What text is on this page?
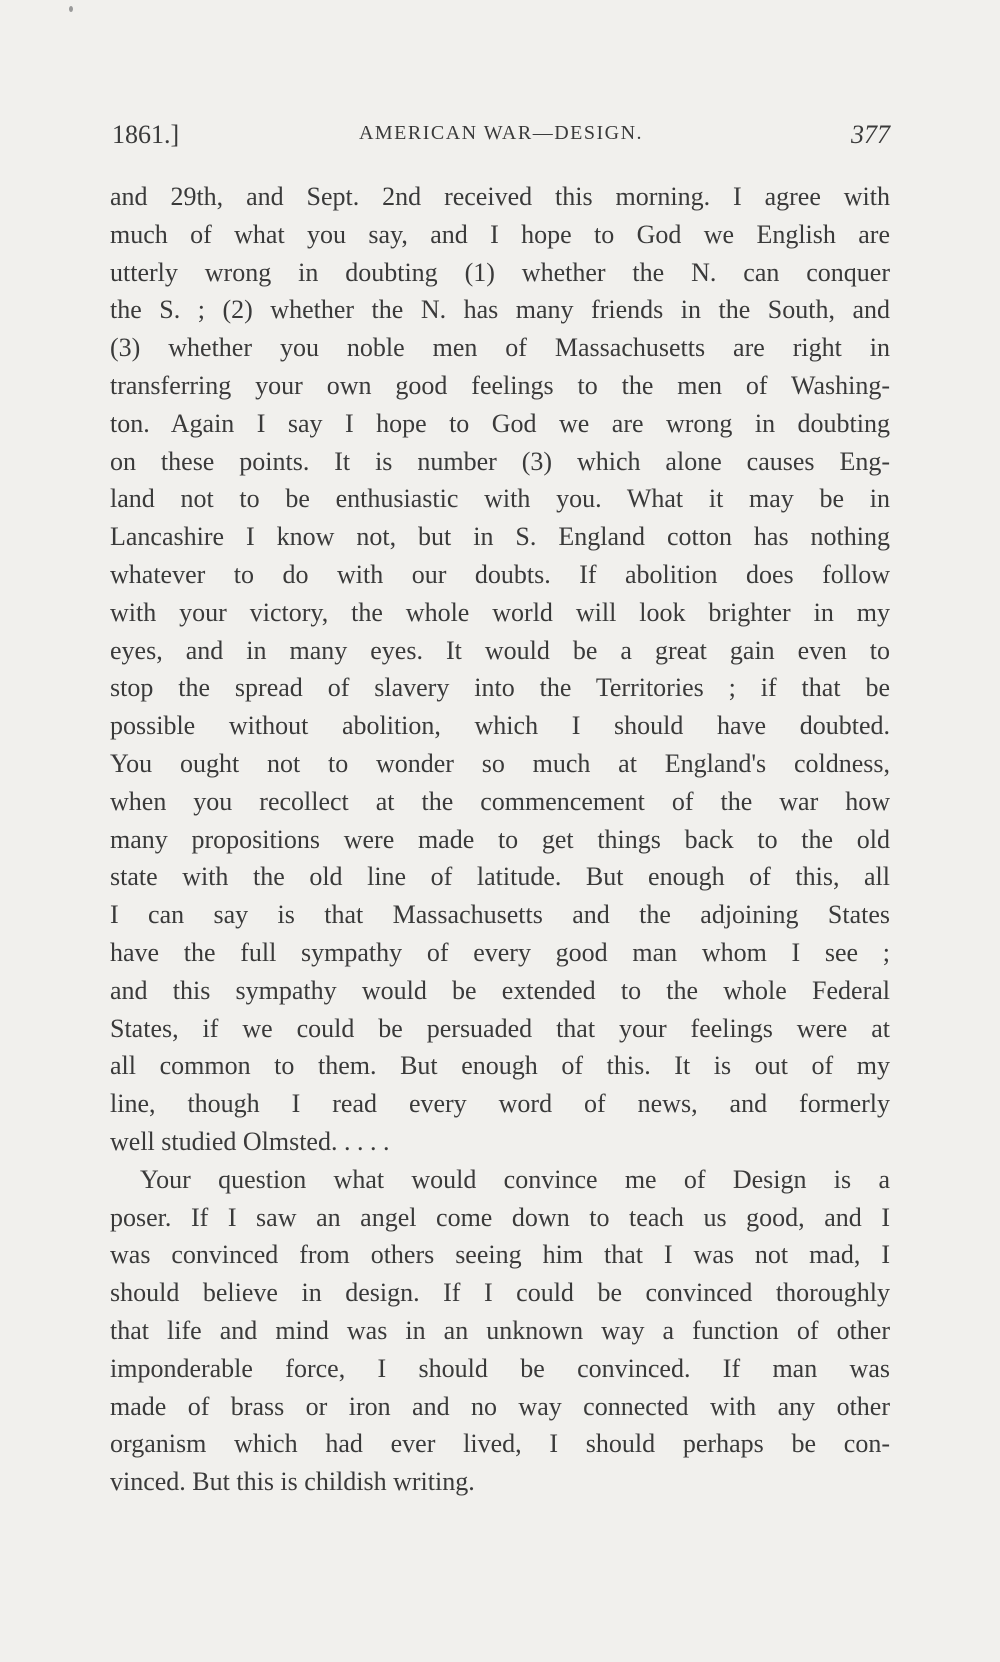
1861.]	AMERICAN WAR—DESIGN.	377
and 29th, and Sept. 2nd received this morning. I agree with
much of what you say, and I hope to God we English are
utterly wrong in doubting (1) whether the N. can conquer
the S. ; (2) whether the N. has many friends in the South, and
(3) whether you noble men of Massachusetts are right in
transferring your own good feelings to the men of Washing-
ton. Again I say I hope to God we are wrong in doubting
on these points. It is number (3) which alone causes Eng-
land not to be enthusiastic with you. What it may be in
Lancashire I know not, but in S. England cotton has nothing
whatever to do with our doubts. If abolition does follow
with your victory, the whole world will look brighter in my
eyes, and in many eyes. It would be a great gain even to
stop the spread of slavery into the Territories ; if that be
possible without abolition, which I should have doubted.
You ought not to wonder so much at England's coldness,
when you recollect at the commencement of the war how
many propositions were made to get things back to the old
state with the old line of latitude. But enough of this, all
I can say is that Massachusetts and the adjoining States
have the full sympathy of every good man whom I see ;
and this sympathy would be extended to the whole Federal
States, if we could be persuaded that your feelings were at
all common to them. But enough of this. It is out of my
line, though I read every word of news, and formerly
well studied Olmsted. . . . .
Your question what would convince me of Design is a
poser. If I saw an angel come down to teach us good, and I
was convinced from others seeing him that I was not mad, I
should believe in design. If I could be convinced thoroughly
that life and mind was in an unknown way a function of other
imponderable force, I should be convinced. If man was
made of brass or iron and no way connected with any other
organism which had ever lived, I should perhaps be con-
vinced. But this is childish writing.
